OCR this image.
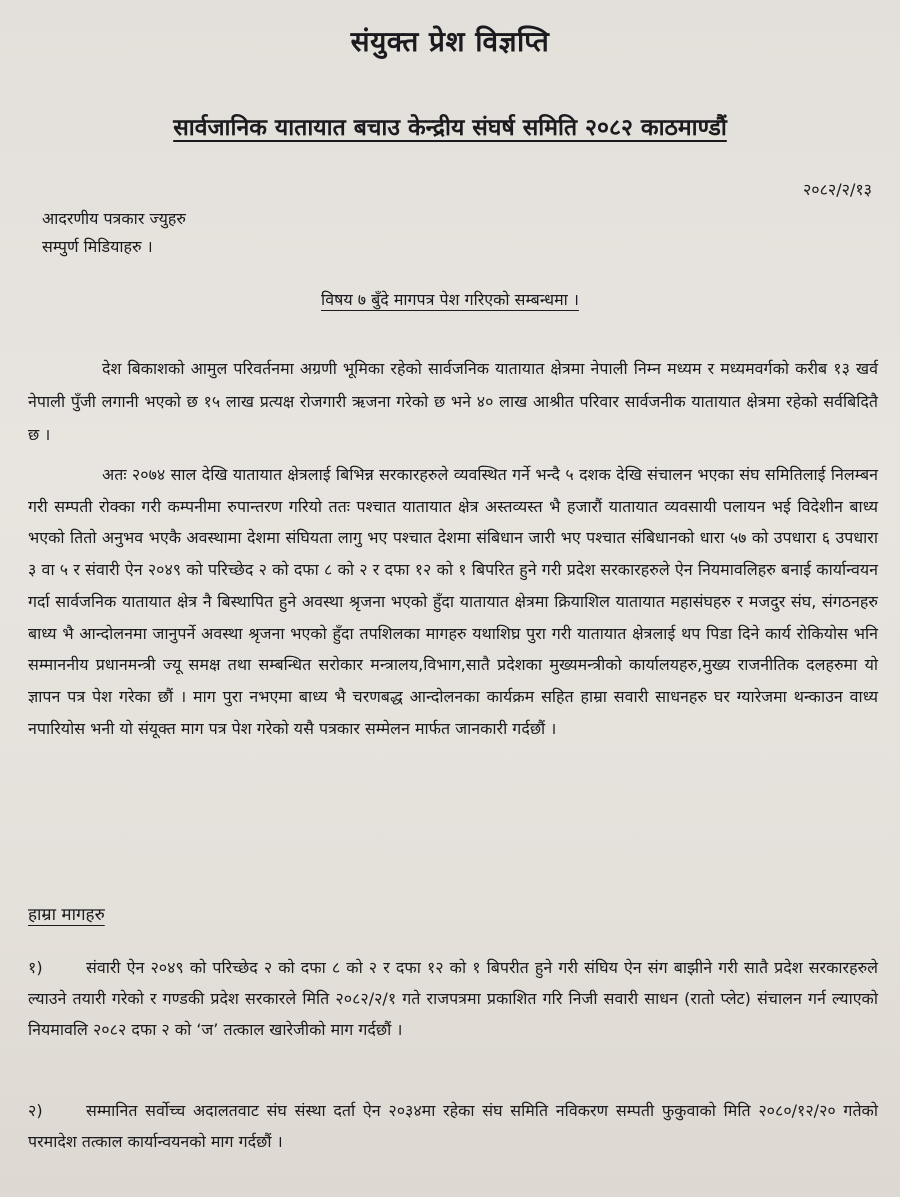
संयुक्त प्रेश विज्ञप्ति
सार्वजानिक यातायात बचाउ केन्द्रीय संघर्ष समिति २०८२ काठमाण्डौं
२०८२/२/१३
आदरणीय पत्रकार ज्युहरु
सम्पुर्ण मिडियाहरु ।
विषय ७ बुँदे मागपत्र पेश गरिएको सम्बन्धमा ।

देश बिकाशको आमुल परिवर्तनमा अग्रणी भूमिका रहेको सार्वजनिक यातायात क्षेत्रमा नेपाली निम्न मध्यम र मध्यमवर्गको करीब १३ खर्व नेपाली पुँजी लगानी भएको छ १५ लाख प्रत्यक्ष रोजगारी ऋजना गरेको छ भने ४० लाख आश्रीत परिवार सार्वजनीक यातायात क्षेत्रमा रहेको सर्वबिदितै छ ।

अतः २०७४ साल देखि यातायात क्षेत्रलाई बिभिन्न सरकारहरुले व्यवस्थित गर्ने भन्दै ५ दशक देखि संचालन भएका संघ समितिलाई निलम्बन गरी सम्पती रोक्का गरी कम्पनीमा रुपान्तरण गरियो ततः पश्चात यातायात क्षेत्र अस्तव्यस्त भै हजारौं यातायात व्यवसायी पलायन भई विदेशीन बाध्य भएको तितो अनुभव भएकै अवस्थामा देशमा संघियता लागु भए पश्चात देशमा संबिधान जारी भए पश्चात संबिधानको धारा ५७ को उपधारा ६ उपधारा ३ वा ५ र संवारी ऐन २०४९ को परिच्छेद २ को दफा ८ को २ र दफा १२ को १ बिपरित हुने गरी प्रदेश सरकारहरुले ऐन नियमावलिहरु बनाई कार्यान्वयन गर्दा सार्वजनिक यातायात क्षेत्र नै बिस्थापित हुने अवस्था श्रृजना भएको हुँदा यातायात क्षेत्रमा क्रियाशिल यातायात महासंघहरु र मजदुर संघ, संगठनहरु बाध्य भै आन्दोलनमा जानुपर्ने अवस्था श्रृजना भएको हुँदा तपशिलका मागहरु यथाशिघ्र पुरा गरी यातायात क्षेत्रलाई थप पिडा दिने कार्य रोकियोस भनि सम्माननीय प्रधानमन्त्री ज्यू समक्ष तथा सम्बन्धित सरोकार मन्त्रालय,विभाग,सातै प्रदेशका मुख्यमन्त्रीको कार्यालयहरु,मुख्य राजनीतिक दलहरुमा यो ज्ञापन पत्र पेश गरेका छौं । माग पुरा नभएमा बाध्य भै चरणबद्ध आन्दोलनका कार्यक्रम सहित हाम्रा सवारी साधनहरु घर ग्यारेजमा थन्काउन वाध्य नपारियोस भनी यो संयूक्त माग पत्र पेश गरेको यसै पत्रकार सम्मेलन मार्फत जानकारी गर्दछौं ।

हाम्रा मागहरु

१)	संवारी ऐन २०४९ को परिच्छेद २ को दफा ८ को २ र दफा १२ को १ बिपरीत हुने गरी संघिय ऐन संग बाझीने गरी सातै प्रदेश सरकारहरुले ल्याउने तयारी गरेको र गण्डकी प्रदेश सरकारले मिति २०८२/२/१ गते राजपत्रमा प्रकाशित गरि निजी सवारी साधन (रातो प्लेट) संचालन गर्न ल्याएको नियमावलि २०८२ दफा २ को ‘ज’ तत्काल खारेजीको माग गर्दछौं ।

२)	सम्मानित सर्वोच्च अदालतवाट संघ संस्था दर्ता ऐन २०३४मा रहेका संघ समिति नविकरण सम्पती फुकुवाको मिति २०८०/१२/२० गतेको परमादेश तत्काल कार्यान्वयनको माग गर्दछौं ।
